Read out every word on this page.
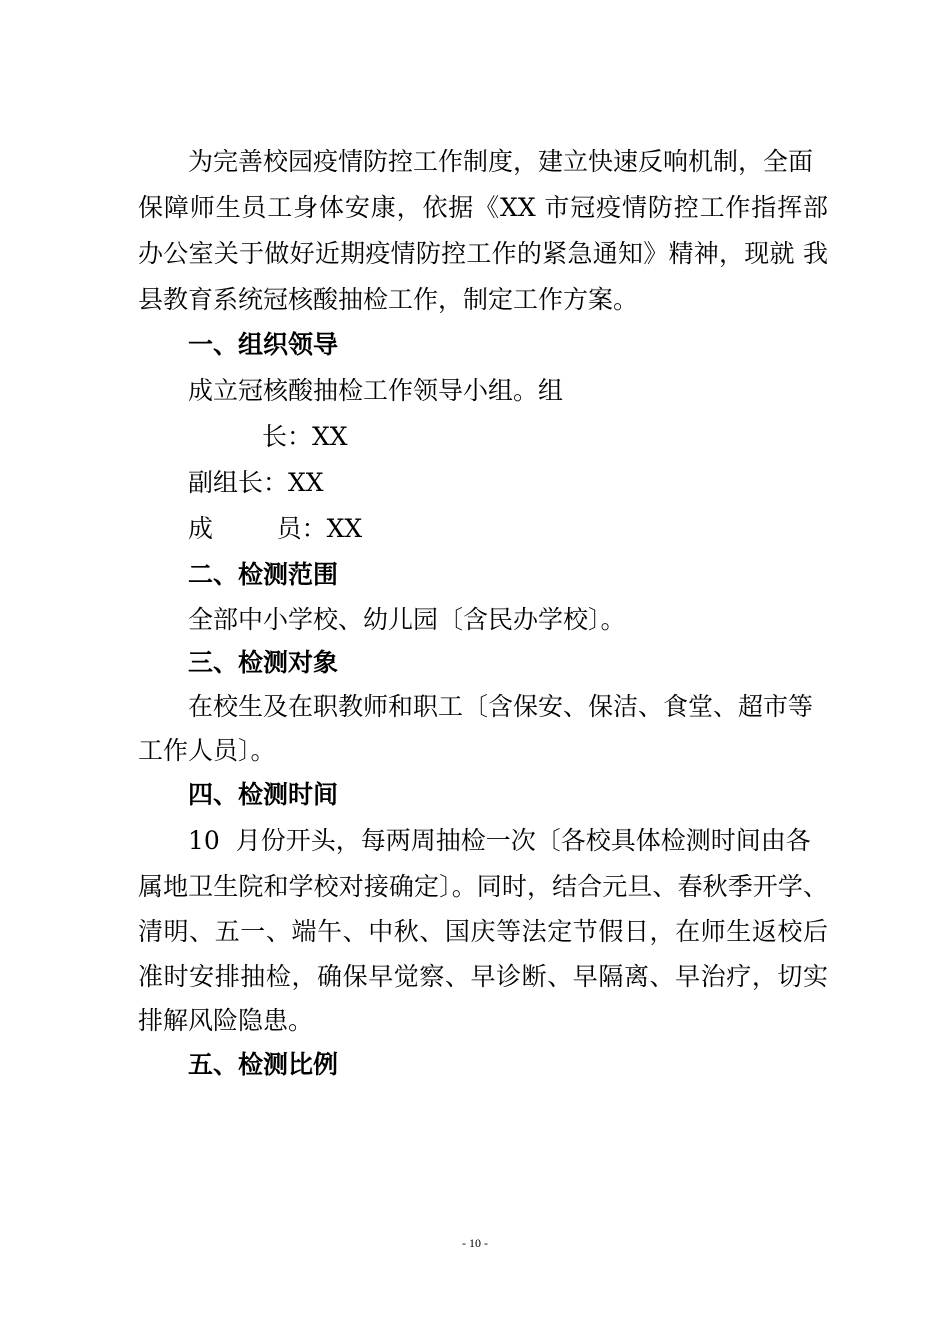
为完善校园疫情防控工作制度，建立快速反响机制，全面
保障师生员工身体安康，依据《XX 市冠疫情防控工作指挥部
办公室关于做好近期疫情防控工作的紧急通知》精神，现就 我
县教育系统冠核酸抽检工作，制定工作方案。
一、组织领导
成立冠核酸抽检工作领导小组。组
长：XX
副组长：XX
成        员：XX
二、检测范围
全部中小学校、幼儿园〔含民办学校〕。
三、检测对象
在校生及在职教师和职工〔含保安、保洁、食堂、超市等
工作人员〕。
四、检测时间
10  月份开头，每两周抽检一次〔各校具体检测时间由各
属地卫生院和学校对接确定〕。同时，结合元旦、春秋季开学、
清明、五一、端午、中秋、国庆等法定节假日，在师生返校后
准时安排抽检，确保早觉察、早诊断、早隔离、早治疗，切实
排解风险隐患。
五、检测比例
- 10 -
